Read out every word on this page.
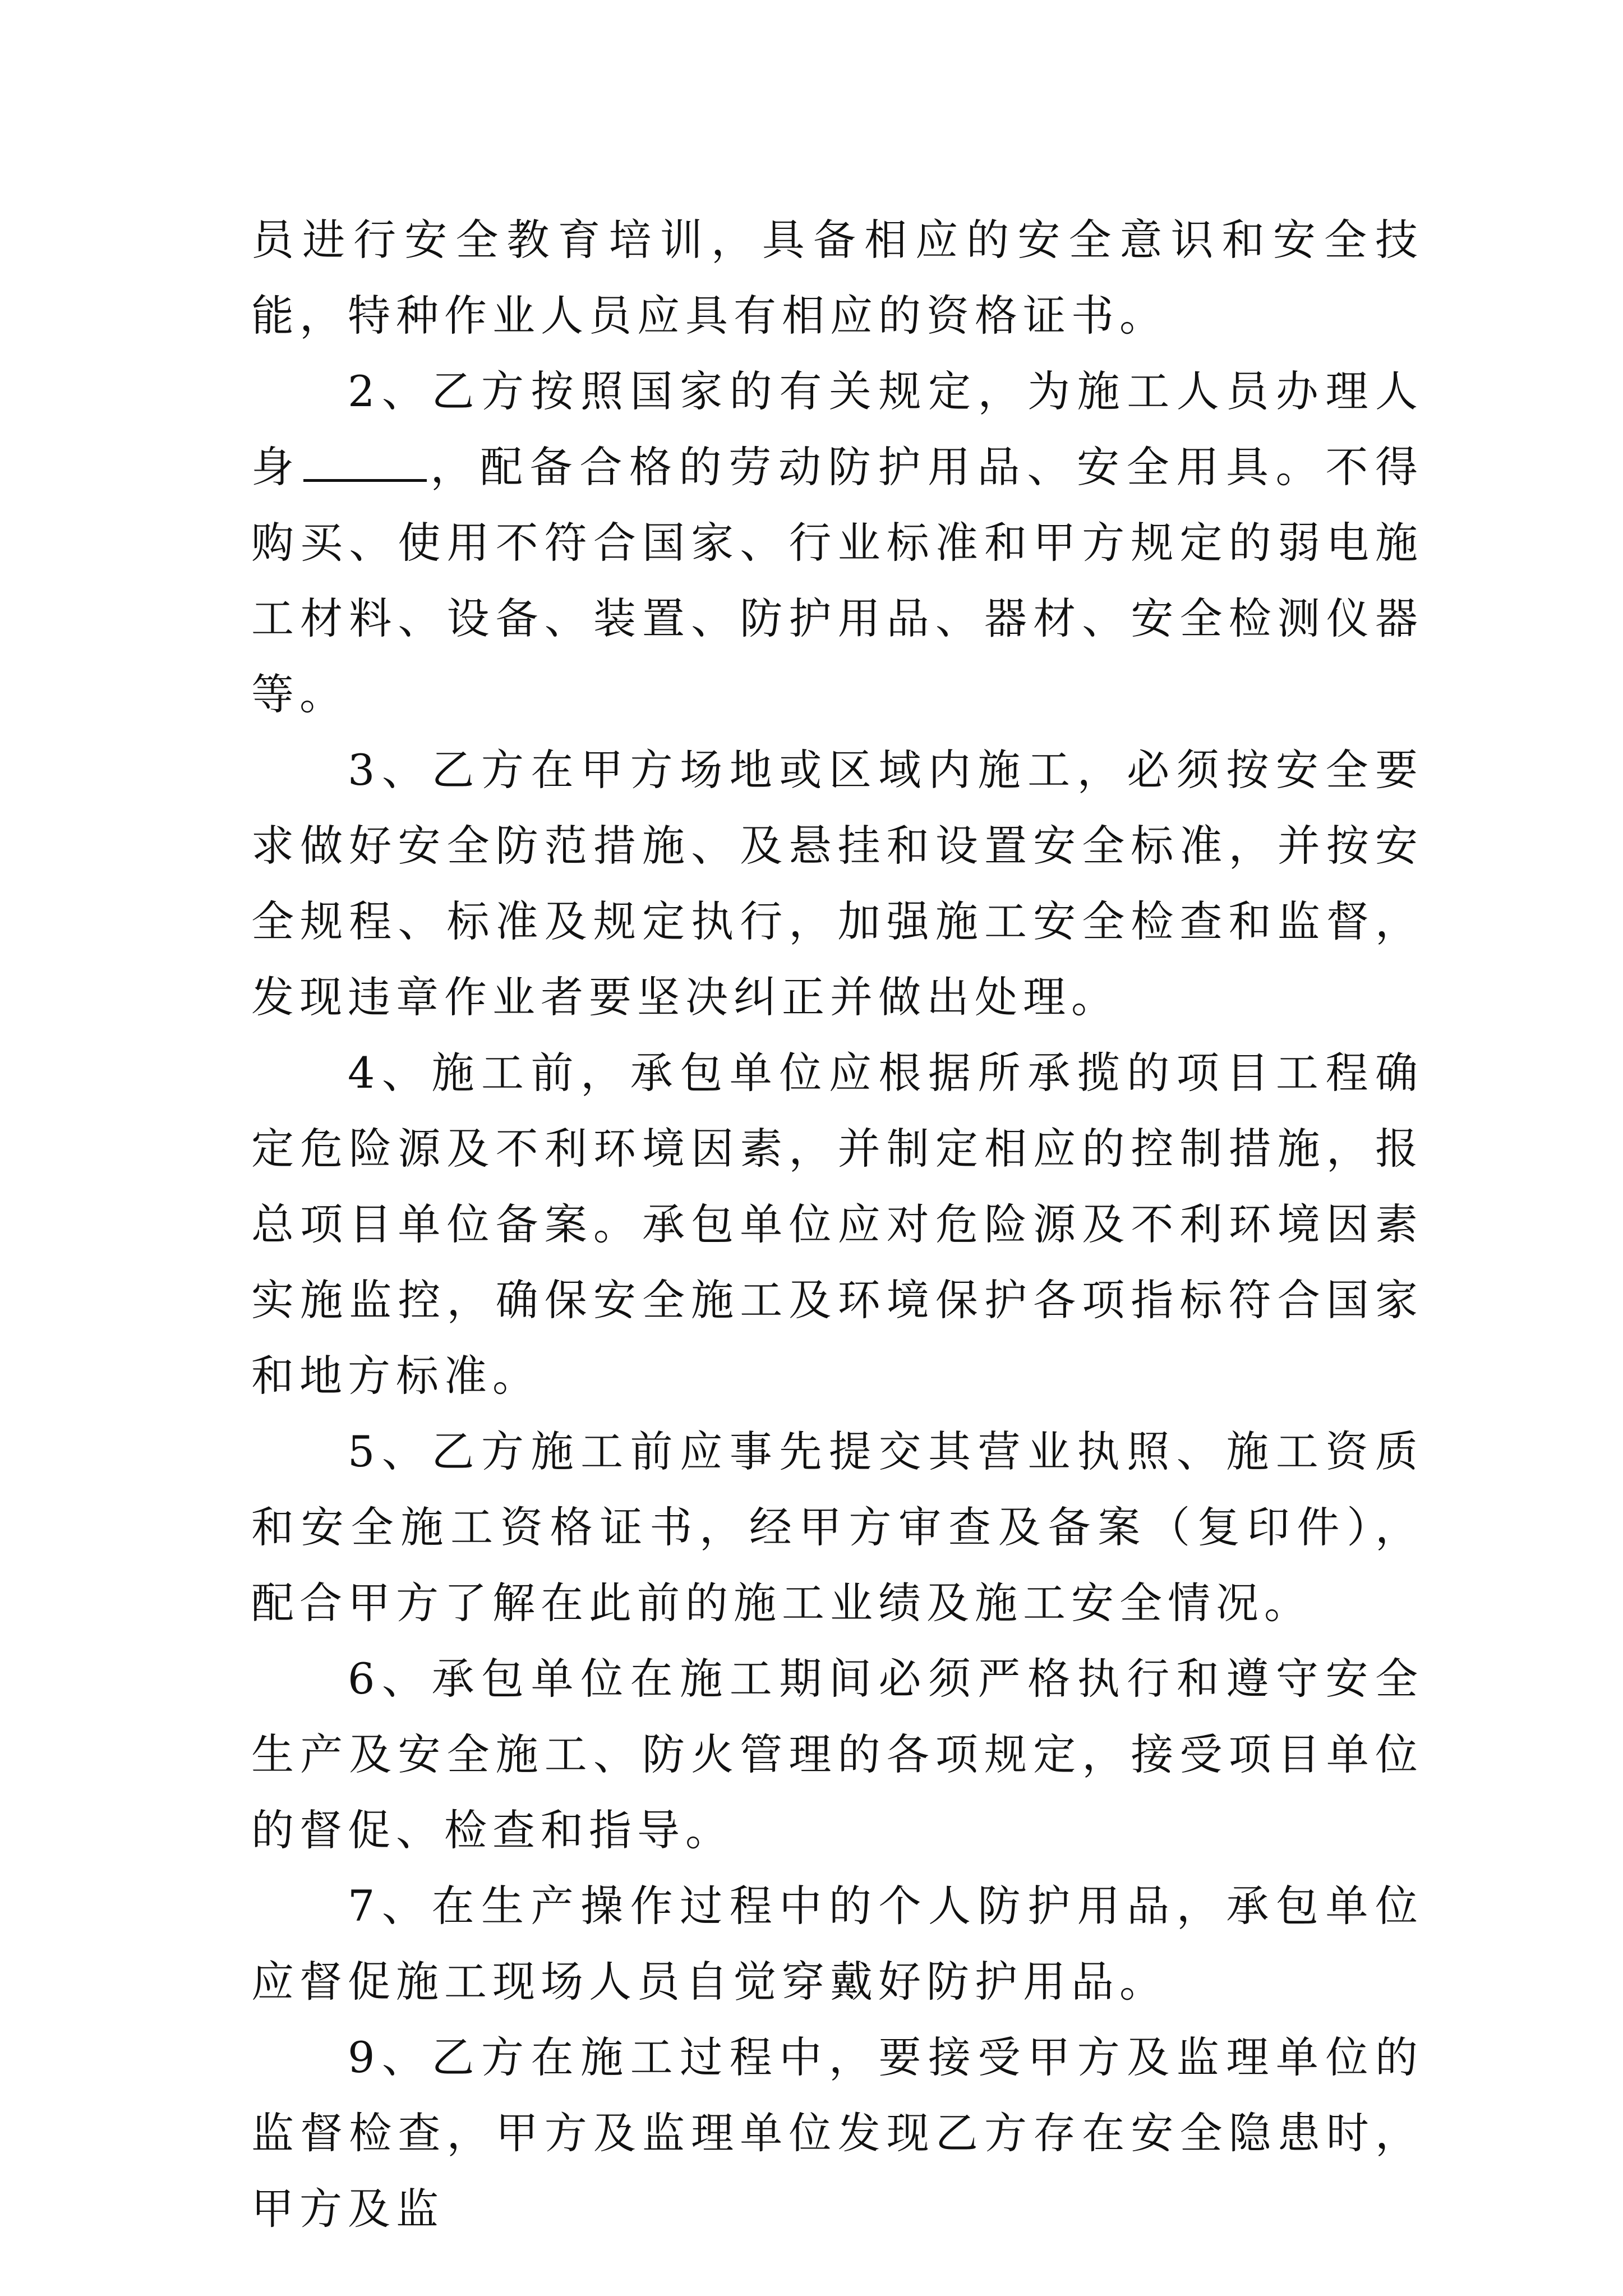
员进行安全教育培训，具备相应的安全意识和安全技能，特种作业人员应具有相应的资格证书。

2、乙方按照国家的有关规定，为施工人员办理人身	，配备合格的劳动防护用品、安全用具。不得购买、使用不符合国家、行业标准和甲方规定的弱电施工材料、设备、装置、防护用品、器材、安全检测仪器等。

3、乙方在甲方场地或区域内施工，必须按安全要求做好安全防范措施、及悬挂和设置安全标准，并按安全规程、标准及规定执行，加强施工安全检查和监督，发现违章作业者要坚决纠正并做出处理。

4、施工前，承包单位应根据所承揽的项目工程确定危险源及不利环境因素，并制定相应的控制措施，报总项目单位备案。承包单位应对危险源及不利环境因素实施监控，确保安全施工及环境保护各项指标符合国家和地方标准。

5、乙方施工前应事先提交其营业执照、施工资质和安全施工资格证书，经甲方审查及备案（复印件），配合甲方了解在此前的施工业绩及施工安全情况。

6、承包单位在施工期间必须严格执行和遵守安全生产及安全施工、防火管理的各项规定，接受项目单位的督促、检查和指导。

7、在生产操作过程中的个人防护用品，承包单位应督促施工现场人员自觉穿戴好防护用品。

9、乙方在施工过程中，要接受甲方及监理单位的监督检查，甲方及监理单位发现乙方存在安全隐患时，甲方及监
